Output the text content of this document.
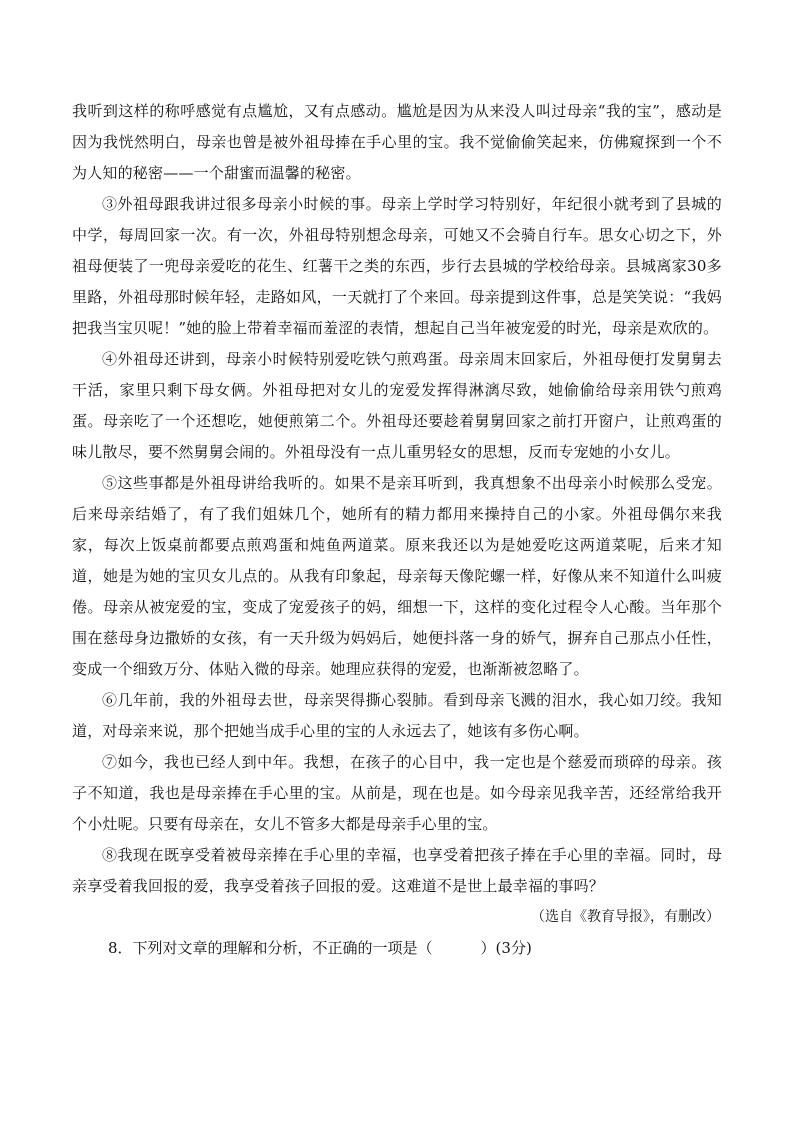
我听到这样的称呼感觉有点尴尬，又有点感动。尴尬是因为从来没人叫过母亲“我的宝”，感动是因为我恍然明白，母亲也曾是被外祖母捧在手心里的宝。我不觉偷偷笑起来，仿佛窥探到一个不为人知的秘密——一个甜蜜而温馨的秘密。

③外祖母跟我讲过很多母亲小时候的事。母亲上学时学习特别好，年纪很小就考到了县城的中学，每周回家一次。有一次，外祖母特别想念母亲，可她又不会骑自行车。思女心切之下，外祖母便装了一兜母亲爱吃的花生、红薯干之类的东西，步行去县城的学校给母亲。县城离家30多里路，外祖母那时候年轻，走路如风，一天就打了个来回。母亲提到这件事，总是笑笑说：“我妈把我当宝贝呢！”她的脸上带着幸福而羞涩的表情，想起自己当年被宠爱的时光，母亲是欢欣的。

④外祖母还讲到，母亲小时候特别爱吃铁勺煎鸡蛋。母亲周末回家后，外祖母便打发舅舅去干活，家里只剩下母女俩。外祖母把对女儿的宠爱发挥得淋漓尽致，她偷偷给母亲用铁勺煎鸡蛋。母亲吃了一个还想吃，她便煎第二个。外祖母还要趁着舅舅回家之前打开窗户，让煎鸡蛋的味儿散尽，要不然舅舅会闹的。外祖母没有一点儿重男轻女的思想，反而专宠她的小女儿。

⑤这些事都是外祖母讲给我听的。如果不是亲耳听到，我真想象不出母亲小时候那么受宠。后来母亲结婚了，有了我们姐妹几个，她所有的精力都用来操持自己的小家。外祖母偶尔来我家，每次上饭桌前都要点煎鸡蛋和炖鱼两道菜。原来我还以为是她爱吃这两道菜呢，后来才知道，她是为她的宝贝女儿点的。从我有印象起，母亲每天像陀螺一样，好像从来不知道什么叫疲倦。母亲从被宠爱的宝，变成了宠爱孩子的妈，细想一下，这样的变化过程令人心酸。当年那个围在慈母身边撒娇的女孩，有一天升级为妈妈后，她便抖落一身的娇气，摒弃自己那点小任性，变成一个细致万分、体贴入微的母亲。她理应获得的宠爱，也渐渐被忽略了。

⑥几年前，我的外祖母去世，母亲哭得撕心裂肺。看到母亲飞溅的泪水，我心如刀绞。我知道，对母亲来说，那个把她当成手心里的宝的人永远去了，她该有多伤心啊。

⑦如今，我也已经人到中年。我想，在孩子的心目中，我一定也是个慈爱而琐碎的母亲。孩子不知道，我也是母亲捧在手心里的宝。从前是，现在也是。如今母亲见我辛苦，还经常给我开个小灶呢。只要有母亲在，女儿不管多大都是母亲手心里的宝。

⑧我现在既享受着被母亲捧在手心里的幸福，也享受着把孩子捧在手心里的幸福。同时，母亲享受着我回报的爱，我享受着孩子回报的爱。这难道不是世上最幸福的事吗？

（选自《教育导报》，有删改）

8．下列对文章的理解和分析，不正确的一项是（	）(3分)
